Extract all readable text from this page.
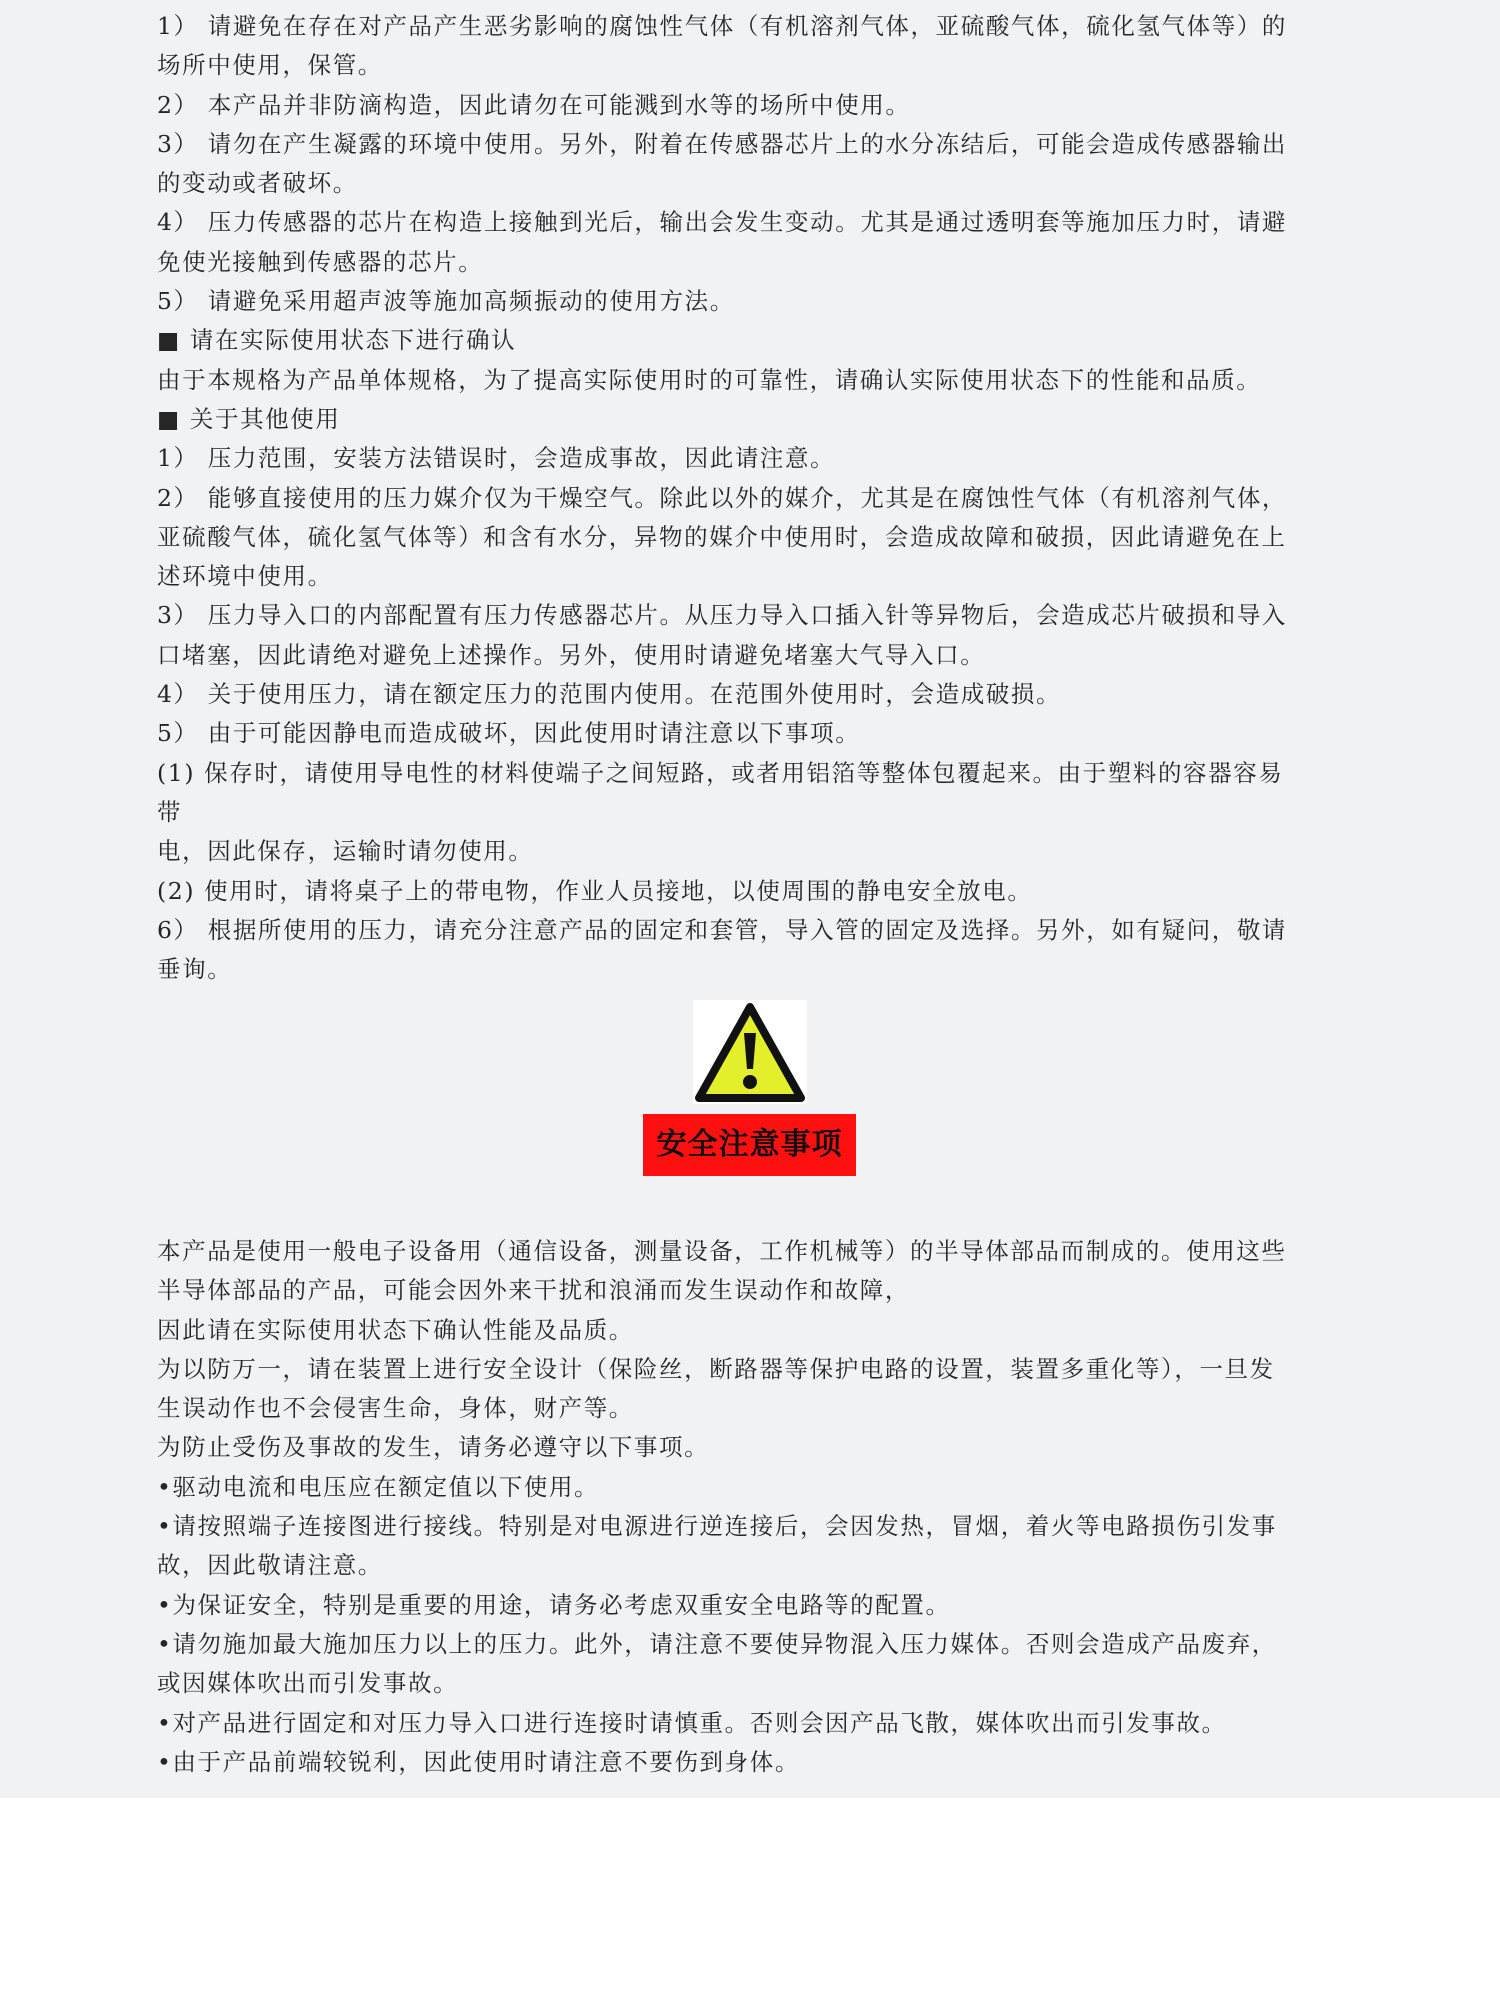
1） 请避免在存在对产品产生恶劣影响的腐蚀性气体（有机溶剂气体，亚硫酸气体，硫化氢气体等）的

场所中使用，保管。

2） 本产品并非防滴构造，因此请勿在可能溅到水等的场所中使用。

3） 请勿在产生凝露的环境中使用。另外，附着在传感器芯片上的水分冻结后，可能会造成传感器输出

的变动或者破坏。

4） 压力传感器的芯片在构造上接触到光后，输出会发生变动。尤其是通过透明套等施加压力时，请避

免使光接触到传感器的芯片。

5） 请避免采用超声波等施加高频振动的使用方法。

■ 请在实际使用状态下进行确认

由于本规格为产品单体规格，为了提高实际使用时的可靠性，请确认实际使用状态下的性能和品质。

■ 关于其他使用

1） 压力范围，安装方法错误时，会造成事故，因此请注意。

2） 能够直接使用的压力媒介仅为干燥空气。除此以外的媒介，尤其是在腐蚀性气体（有机溶剂气体，

亚硫酸气体，硫化氢气体等）和含有水分，异物的媒介中使用时，会造成故障和破损，因此请避免在上

述环境中使用。

3） 压力导入口的内部配置有压力传感器芯片。从压力导入口插入针等异物后，会造成芯片破损和导入

口堵塞，因此请绝对避免上述操作。另外，使用时请避免堵塞大气导入口。

4） 关于使用压力，请在额定压力的范围内使用。在范围外使用时，会造成破损。

5） 由于可能因静电而造成破坏，因此使用时请注意以下事项。

(1) 保存时，请使用导电性的材料使端子之间短路，或者用铝箔等整体包覆起来。由于塑料的容器容易

带

电，因此保存，运输时请勿使用。

(2) 使用时，请将桌子上的带电物，作业人员接地，以使周围的静电安全放电。

6） 根据所使用的压力，请充分注意产品的固定和套管，导入管的固定及选择。另外，如有疑问，敬请

垂询。

安全注意事项

本产品是使用一般电子设备用（通信设备，测量设备，工作机械等）的半导体部品而制成的。使用这些

半导体部品的产品，可能会因外来干扰和浪涌而发生误动作和故障，

因此请在实际使用状态下确认性能及品质。

为以防万一，请在装置上进行安全设计（保险丝，断路器等保护电路的设置，装置多重化等），一旦发

生误动作也不会侵害生命，身体，财产等。

为防止受伤及事故的发生，请务必遵守以下事项。

•驱动电流和电压应在额定值以下使用。

•请按照端子连接图进行接线。特别是对电源进行逆连接后，会因发热，冒烟，着火等电路损伤引发事

故，因此敬请注意。

•为保证安全，特别是重要的用途，请务必考虑双重安全电路等的配置。

•请勿施加最大施加压力以上的压力。此外，请注意不要使异物混入压力媒体。否则会造成产品废弃，

或因媒体吹出而引发事故。

•对产品进行固定和对压力导入口进行连接时请慎重。否则会因产品飞散，媒体吹出而引发事故。

•由于产品前端较锐利，因此使用时请注意不要伤到身体。
